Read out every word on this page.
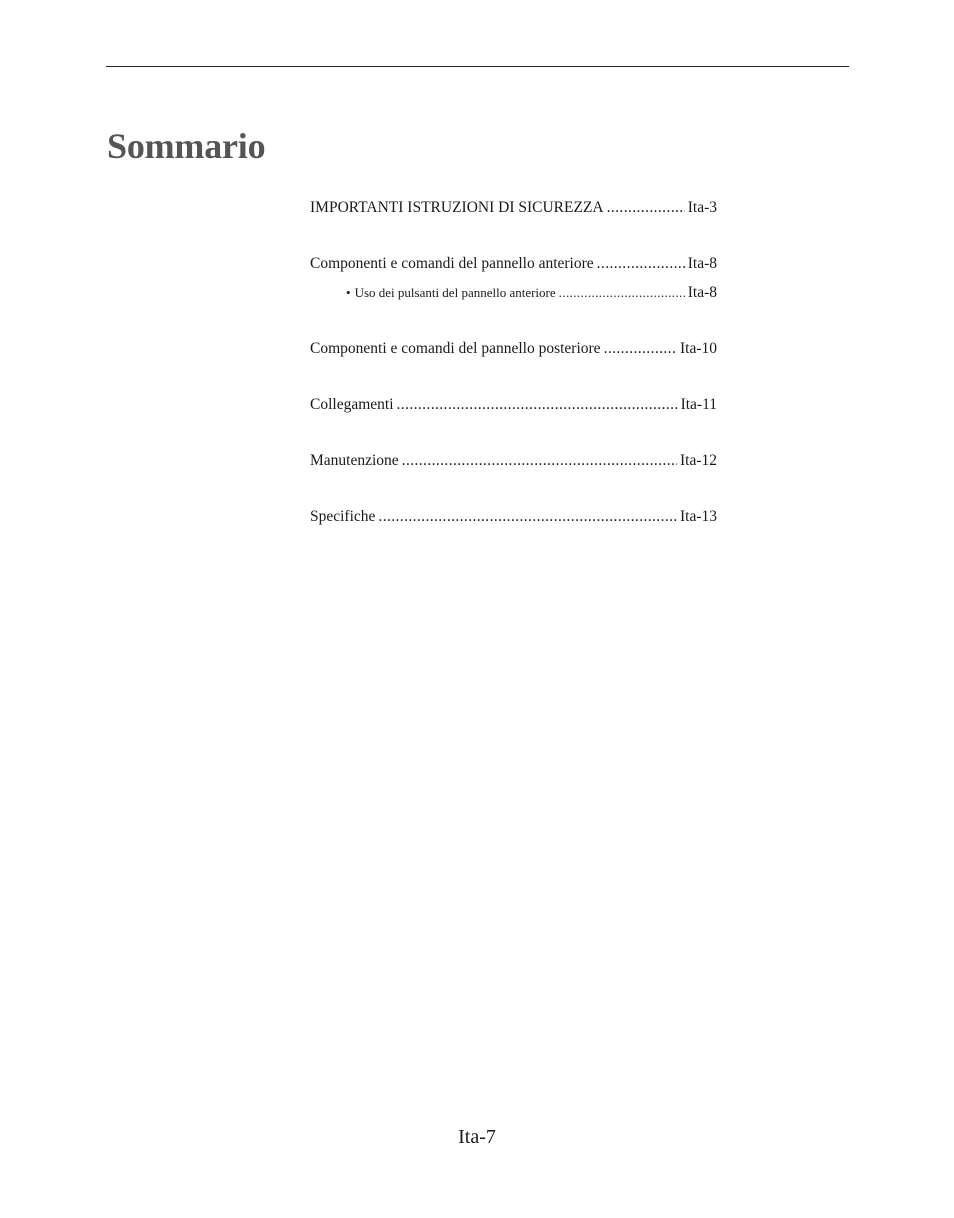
Sommario
IMPORTANTI ISTRUZIONI DI SICUREZZA .....	Ita-3
Componenti e comandi del pannello anteriore .....	Ita-8
• Uso dei pulsanti del pannello anteriore .....	Ita-8
Componenti e comandi del pannello posteriore .....	Ita-10
Collegamenti .....	Ita-11
Manutenzione .....	Ita-12
Specifiche .....	Ita-13
Ita-7
